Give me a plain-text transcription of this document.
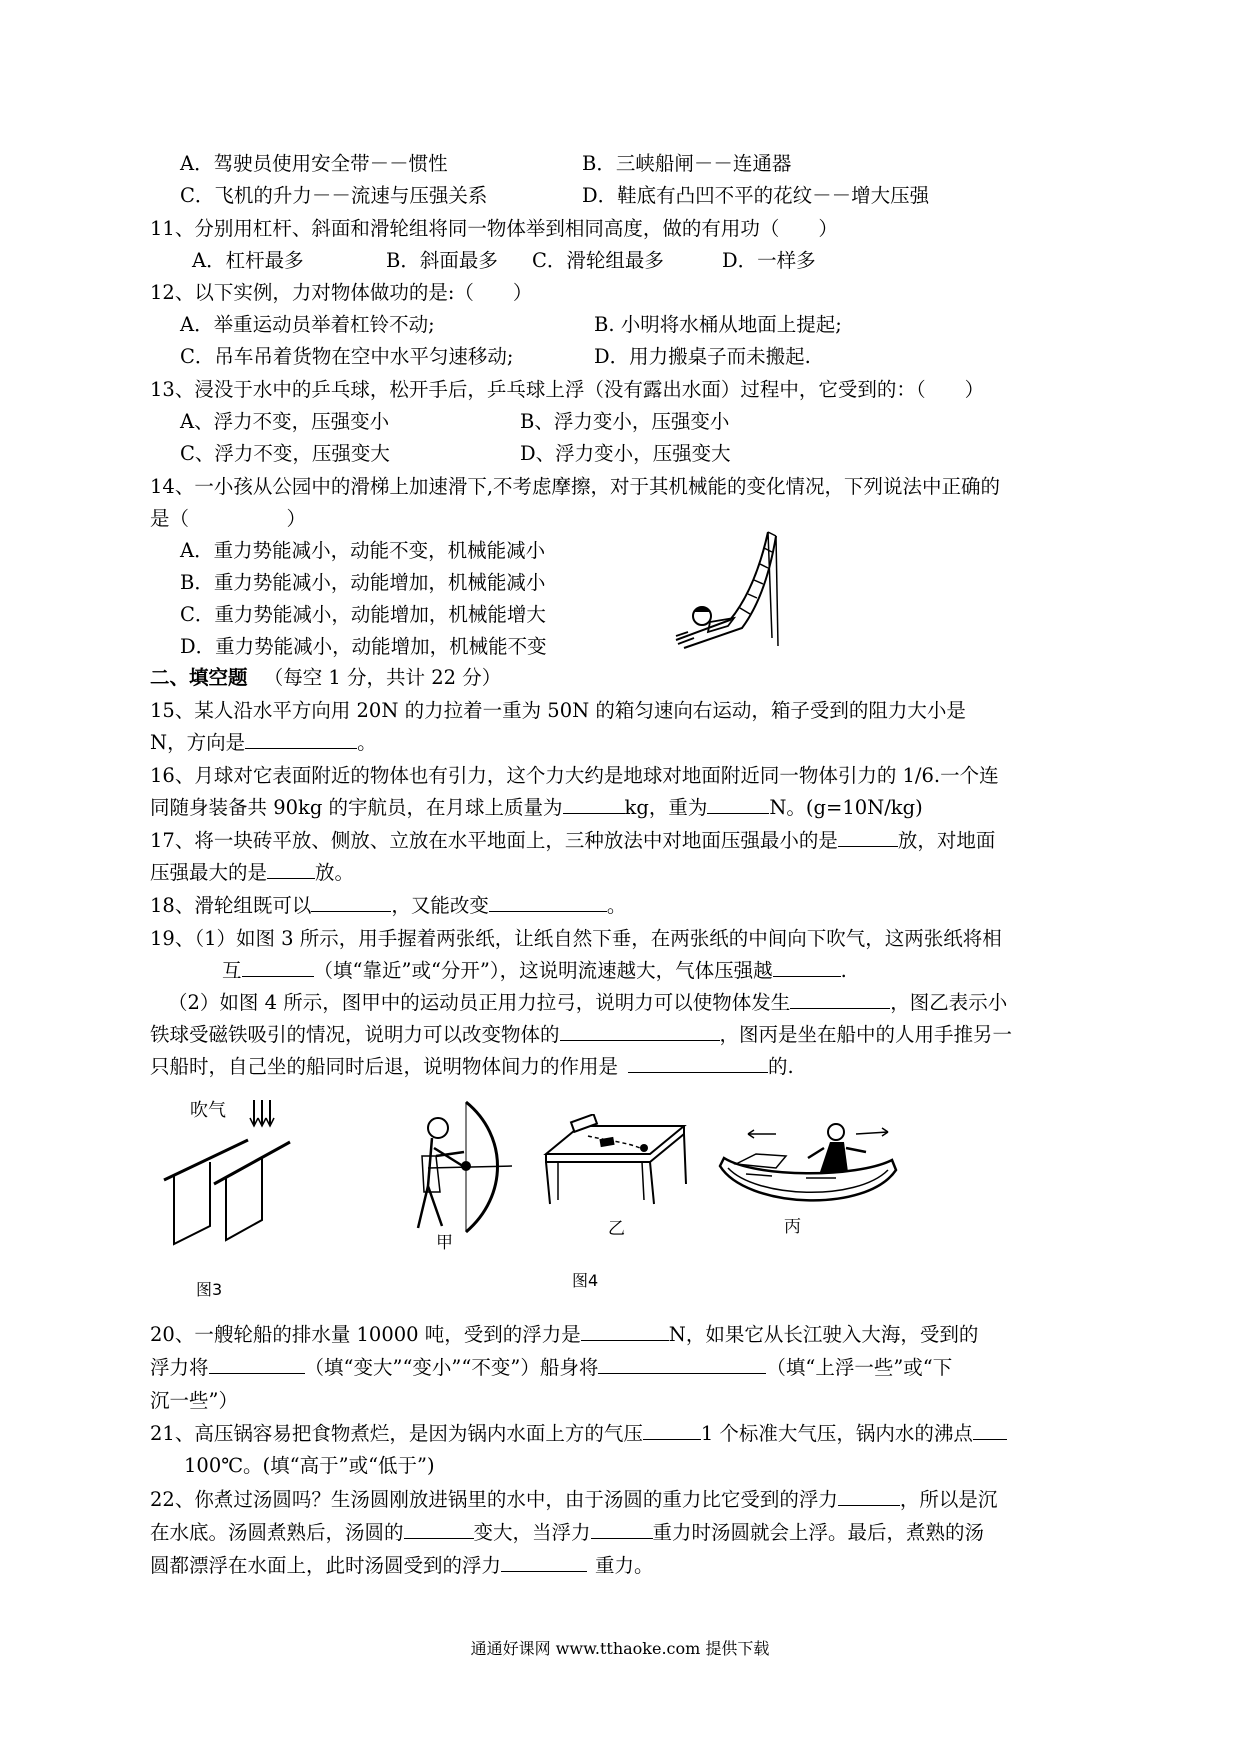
A．驾驶员使用安全带－－惯性	B．三峡船闸－－连通器
C．飞机的升力－－流速与压强关系	D．鞋底有凸凹不平的花纹－－增大压强
11、分别用杠杆、斜面和滑轮组将同一物体举到相同高度，做的有用功（　　）
A．杠杆最多	B．斜面最多 C．滑轮组最多	D．一样多
12、以下实例，力对物体做功的是:（　　）
A．举重运动员举着杠铃不动;	B. 小明将水桶从地面上提起;
C．吊车吊着货物在空中水平匀速移动;	D．用力搬桌子而未搬起.
13、浸没于水中的乒乓球，松开手后，乒乓球上浮（没有露出水面）过程中，它受到的：（　　）
A、浮力不变，压强变小	B、浮力变小，压强变小
C、浮力不变，压强变大	D、浮力变小，压强变大
14、一小孩从公园中的滑梯上加速滑下,不考虑摩擦，对于其机械能的变化情况，下列说法中正确的
是（　　　　　）
A．重力势能减小，动能不变，机械能减小
B．重力势能减小，动能增加，机械能减小
C．重力势能减小，动能增加，机械能增大
D．重力势能减小，动能增加，机械能不变
二、填空题 （每空 1 分，共计 22 分）
15、某人沿水平方向用 20N 的力拉着一重为 50N 的箱匀速向右运动，箱子受到的阻力大小是
N，方向是	。
16、月球对它表面附近的物体也有引力，这个力大约是地球对地面附近同一物体引力的 1/6.一个连
同随身装备共 90kg 的宇航员，在月球上质量为	kg，重为	N。(g=10N/kg)
17、将一块砖平放、侧放、立放在水平地面上，三种放法中对地面压强最小的是	放，对地面
压强最大的是 放。
18、滑轮组既可以	，又能改变	。
19、（1）如图 3 所示，用手握着两张纸，让纸自然下垂，在两张纸的中间向下吹气，这两张纸将相
互	（填“靠近”或“分开”），这说明流速越大，气体压强越	.
（2）如图 4 所示，图甲中的运动员正用力拉弓，说明力可以使物体发生	，图乙表示小
铁球受磁铁吸引的情况，说明力可以改变物体的	，图丙是坐在船中的人用手推另一
只船时，自己坐的船同时后退，说明物体间力的作用是	的.
吹气
图3
甲
乙	丙
图4
20、一艘轮船的排水量 10000 吨，受到的浮力是	N，如果它从长江驶入大海，受到的
浮力将	（填“变大”“变小”“不变”）船身将	（填“上浮一些”或“下
沉一些”）
21、高压锅容易把食物煮烂，是因为锅内水面上方的气压	1 个标准大气压，锅内水的沸点
100℃。(填“高于”或“低于”)
22、你煮过汤圆吗？生汤圆刚放进锅里的水中，由于汤圆的重力比它受到的浮力	，所以是沉
在水底。汤圆煮熟后，汤圆的	变大，当浮力	重力时汤圆就会上浮。最后，煮熟的汤
圆都漂浮在水面上，此时汤圆受到的浮力	重力。
通通好课网 www.tthaoke.com 提供下载
